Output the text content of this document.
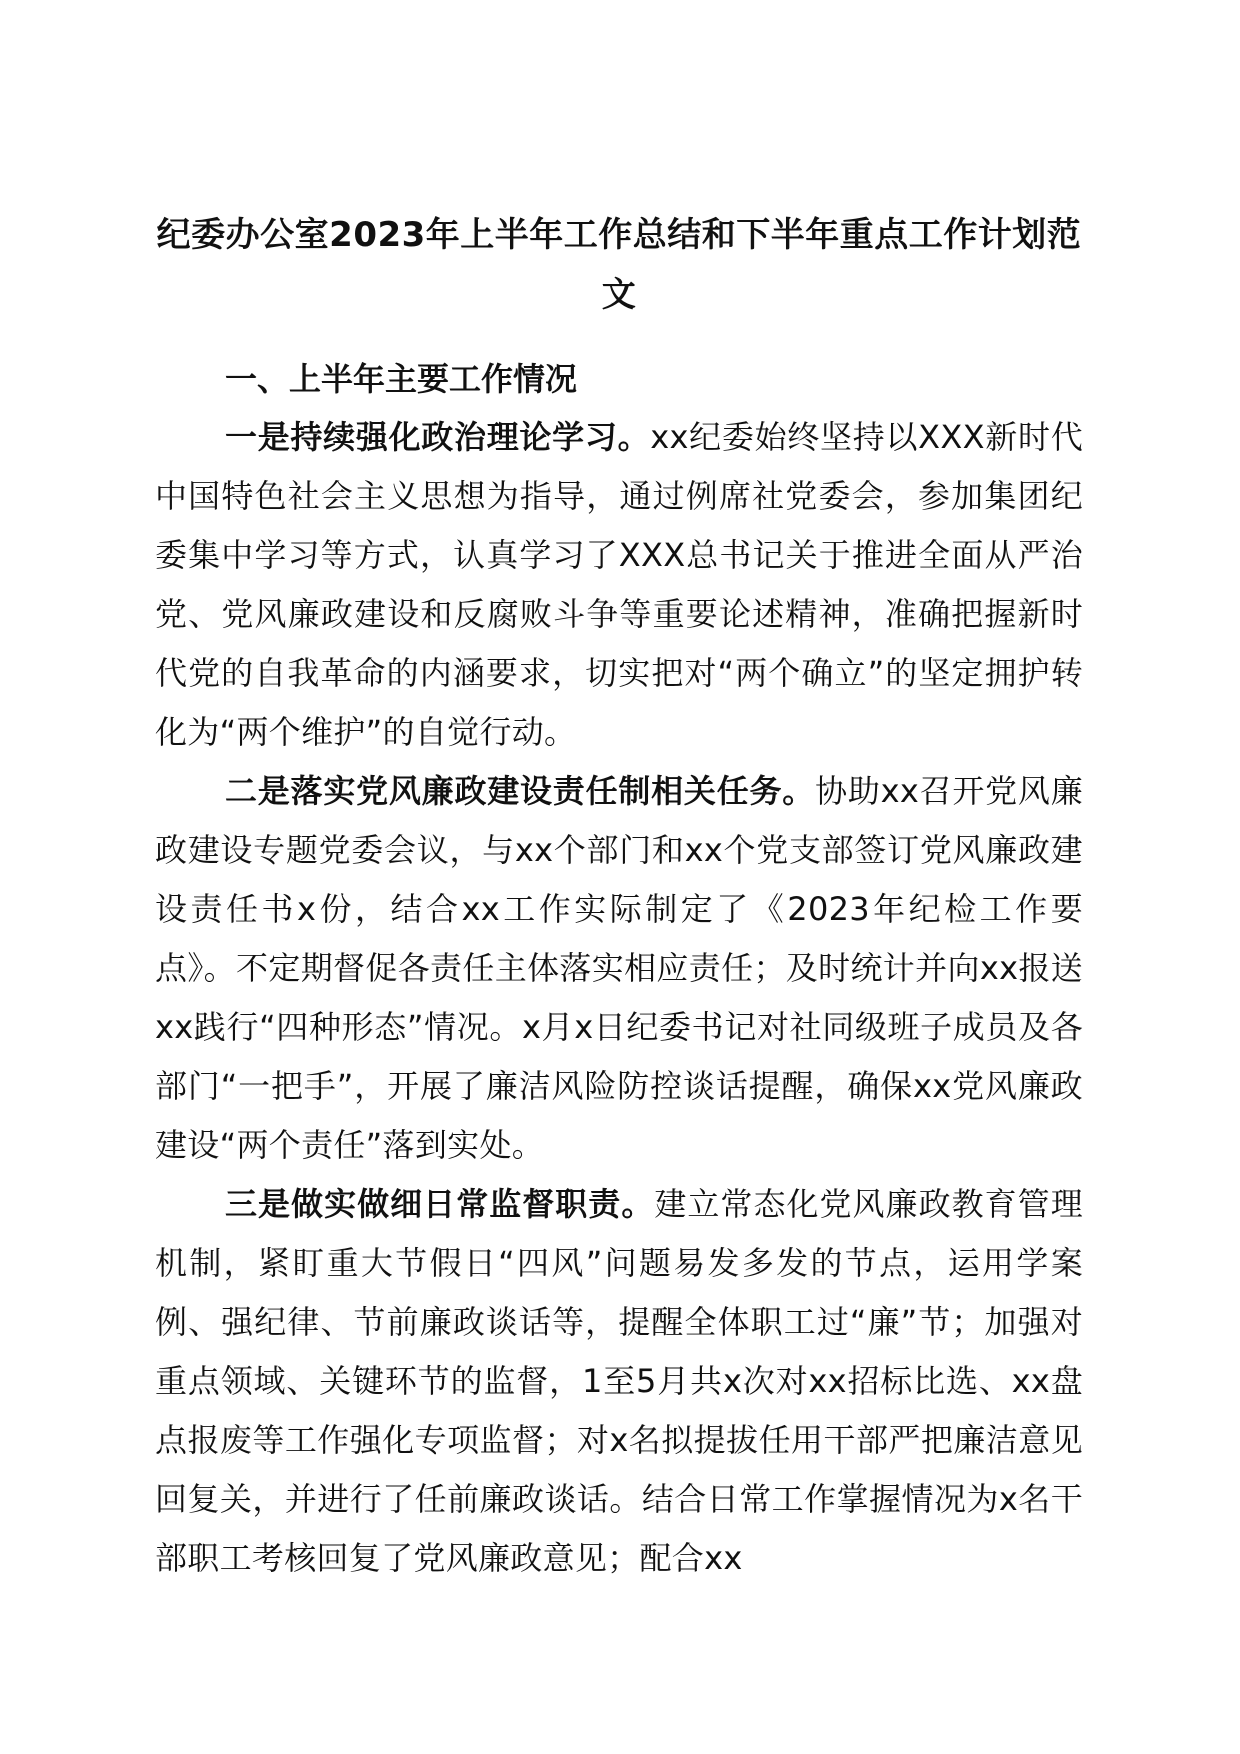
纪委办公室2023年上半年工作总结和下半年重点工作计划范文

一、上半年主要工作情况

一是持续强化政治理论学习。xx纪委始终坚持以XXX新时代中国特色社会主义思想为指导，通过例席社党委会，参加集团纪委集中学习等方式，认真学习了XXX总书记关于推进全面从严治党、党风廉政建设和反腐败斗争等重要论述精神，准确把握新时代党的自我革命的内涵要求，切实把对“两个确立”的坚定拥护转化为“两个维护”的自觉行动。

二是落实党风廉政建设责任制相关任务。协助xx召开党风廉政建设专题党委会议，与xx个部门和xx个党支部签订党风廉政建设责任书x份，结合xx工作实际制定了《2023年纪检工作要点》。不定期督促各责任主体落实相应责任；及时统计并向xx报送xx践行“四种形态”情况。x月x日纪委书记对社同级班子成员及各部门“一把手”，开展了廉洁风险防控谈话提醒，确保xx党风廉政建设“两个责任”落到实处。

三是做实做细日常监督职责。建立常态化党风廉政教育管理机制，紧盯重大节假日“四风”问题易发多发的节点，运用学案例、强纪律、节前廉政谈话等，提醒全体职工过“廉”节；加强对重点领域、关键环节的监督，1至5月共x次对xx招标比选、xx盘点报废等工作强化专项监督；对x名拟提拔任用干部严把廉洁意见回复关，并进行了任前廉政谈话。结合日常工作掌握情况为x名干部职工考核回复了党风廉政意见；配合xx
